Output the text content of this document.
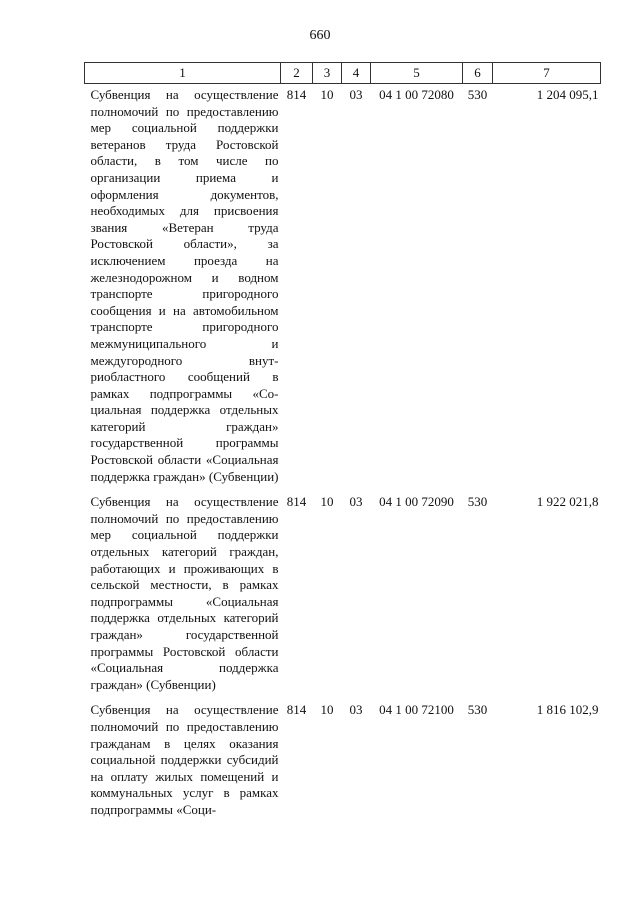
660
1	2	3	4	5	6	7
Субвенция на осуществление полномочий по предоставлению мер социальной поддержки ветеранов труда Ростовской области, в том числе по организации приема и оформления документов, необходимых для присвоения звания «Ветеран труда Ростовской области», за исключением проезда на железнодорожном и водном транспорте пригородного сообщения и на автомобильном транспорте пригородного межмуниципального и междугородного внутриобластного сообщений в рамках подпрограммы «Социальная поддержка отдельных категорий граждан» государственной программы Ростовской области «Социальная поддержка граждан» (Субвенции)	814	10	03	04 1 00 72080	530	1 204 095,1
Субвенция на осуществление полномочий по предоставлению мер социальной поддержки отдельных категорий граждан, работающих и проживающих в сельской местности, в рамках подпрограммы «Социальная поддержка отдельных категорий граждан» государственной программы Ростовской области «Социальная поддержка граждан» (Субвенции)	814	10	03	04 1 00 72090	530	1 922 021,8
Субвенция на осуществление полномочий по предоставлению гражданам в целях оказания социальной поддержки субсидий на оплату жилых помещений и коммунальных услуг в рамках подпрограммы «Соци-	814	10	03	04 1 00 72100	530	1 816 102,9
